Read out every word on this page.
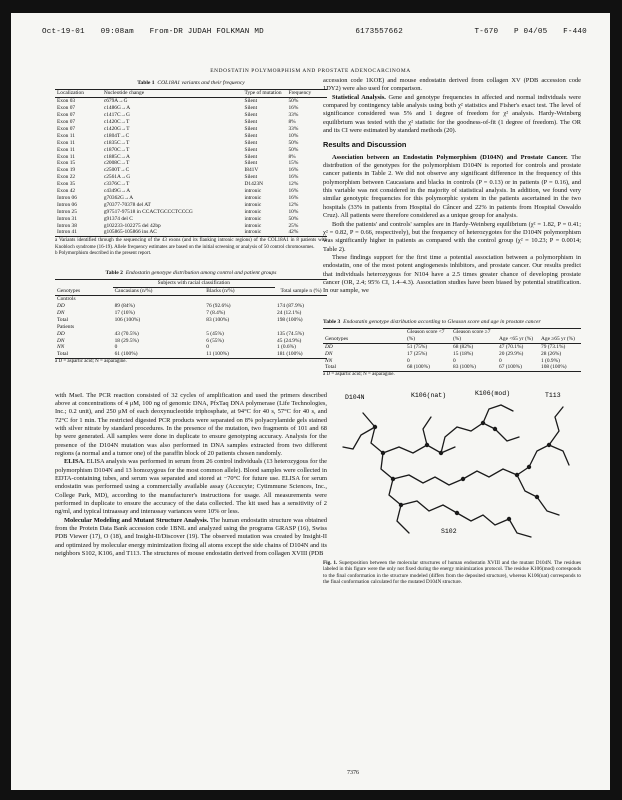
Oct-19-01 09:08am From-DR JUDAH FOLKMAN MD	6173557662	T-670 P 04/05 F-440
ENDOSTATIN POLYMORPHISM AND PROSTATE ADENOCARCINOMA
Table 1 COL18A1 variants and their frequency
Localization	Nucleotide change	Type of mutation	Frequency
Exon 03	c679A→G	Silent	50%
Exon 07	c1486G→A	Silent	16%
Exon 07	c1417C→G	Silent	33%
Exon 07	c1420C→T	Silent	8%
Exon 07	c1420G→T	Silent	33%
Exon 11	c1804T→C	Silent	10%
Exon 11	c1835C→T	Silent	50%
Exon 11	c1870C→T	Silent	50%
Exon 11	c1885C→A	Silent	8%
Exon 15	c2008C→T	Silent	15%
Exon 19	c2500T→C	I841V	16%
Exon 22	c2561A→G	Silent	16%
Exon 35	c3376C→T	D1423N	12%
Exon 42	c4349G→A	intronic	16%
Intron 06	g70362G→A	intronic	16%
Intron 06	g70377-70378 del AT	intronic	12%
Intron 25	g97517-97518 in CCACTGCCCTCCCG	intronic	10%
Intron 31	g91374 del C	intronic	50%
Intron 38	g102233-102275 del 42bp	intronic	25%
Intron 41	g105865-105866 ins AC	intronic	42%
a Variants identified through the sequencing of the 43 exons (and its flanking intronic regions) of the COL18A1 in 8 patients with Knobloch syndrome (16-19). Allele frequency estimates are based on the initial screening or analysis of 50 control chromosomes.
b Polymorphism described in the present report.
Table 2 Endostatin genotype distribution among control and patient groups
	Subjects with racial classification		
Genotypes	Caucasians (n/%)	Blacks (n/%)	Total sample n (%)
Controls			
DD	89 (84%)	76 (92.6%)	174 (87.9%)
DN	17 (16%)	7 (8.4%)	24 (12.1%)
Total	106 (100%)	83 (100%)	198 (100%)
Patients			
DD	43 (70.5%)	5 (45%)	135 (74.5%)
DN	18 (29.5%)	6 (55%)	45 (24.9%)
NN	0	0	1 (0.6%)
Total	61 (100%)	11 (100%)	181 (100%)
a D = aspartic acid; N = asparagine.

with MseI. The PCR reaction consisted of 32 cycles of amplification and used the primers described above at concentrations of 4 μM, 100 ng of genomic DNA, PfxTaq DNA polymerase (Life Technologies, Inc.; 0.2 unit), and 250 μM of each deoxynucleotide triphosphate, at 94°C for 40 s, 57°C for 40 s, and 72°C for 1 min. The restricted digested PCR products were separated on 8% polyacrylamide gels stained with silver nitrate by standard procedures. In the presence of the mutation, two fragments of 101 and 68 bp were generated. All samples were done in duplicate to ensure genotyping accuracy. Analysis for the presence of the D104N mutation was also performed in DNA samples extracted from two different regions (a normal and a tumor one) of the paraffin block of 20 patients chosen randomly.

ELISA. ELISA analysis was performed in serum from 26 control individuals (13 heterozygous for the polymorphism D104N and 13 homozygous for the most common allele). Blood samples were collected in EDTA-containing tubes, and serum was separated and stored at −70°C for future use. ELISA for serum endostatin was performed using a commercially available assay (Accucyte; Cytimmune Sciences, Inc., College Park, MD), according to the manufacturer's instructions for usage. All measurements were performed in duplicate to ensure the accuracy of the data collected. The kit used has a sensitivity of 2 ng/ml, and typical intraassay and interassay variances were 10% or less.

Molecular Modeling and Mutant Structure Analysis. The human endostatin structure was obtained from the Protein Data Bank accession code 1BNL and analyzed using the programs GRASP (16), Swiss PDB Viewer (17), O (18), and Insight-II/Discover (19). The observed mutation was created by Insight-II and optimized by molecular energy minimization fixing all atoms except the side chains of D104N and its neighbors S102, K106, and T113. The structures of mouse endostatin derived from collagen XVIII (PDB

accession code 1KOE) and mouse endostatin derived from collagen XV (PDB accession code 1DY2) were also used for comparison.

Statistical Analysis. Gene and genotype frequencies in affected and normal individuals were compared by contingency table analysis using both χ² statistics and Fisher's exact test. The level of significance considered was 5% and 1 degree of freedom for χ² analysis. Hardy-Weinberg equilibrium was tested with the χ² statistic for the goodness-of-fit (1 degree of freedom). The OR and its CI were estimated by standard methods (20).

Results and Discussion

Association between an Endostatin Polymorphism (D104N) and Prostate Cancer. The distribution of the genotypes for the polymorphism D104N is reported for controls and prostate cancer patients in Table 2. We did not observe any significant difference in the frequency of this polymorphism between Caucasians and blacks in controls (P = 0.13) or in patients (P = 0.16), and this variable was not considered in the majority of statistical analysis. In addition, we found very similar genotypic frequencies for this polymorphic system in the patients ascertained in the two hospitals (33% in patients from Hospital do Câncer and 22% in patients from Hospital Oswaldo Cruz). All patients were therefore considered as a unique group for analysis.

Both the patients' and controls' samples are in Hardy-Weinberg equilibrium (χ² = 1.82, P = 0.41; χ² = 0.82, P = 0.66, respectively), but the frequency of heterozygotes for the D104N polymorphism was significantly higher in patients as compared with the control group (χ² = 10.23; P = 0.0014; Table 2).

These findings support for the first time a potential association between a polymorphism in endostatin, one of the most potent angiogenesis inhibitors, and prostate cancer. Our results predict that individuals heterozygous for N104 have a 2.5 times greater chance of developing prostate cancer (OR, 2.4; 95% CI, 1.4–4.3). Association studies have been biased by potential stratification. In our sample, we

Table 3 Endostatin genotype distribution according to Gleason score and age in prostate cancer
Genotypes	Gleason score <7 (%)	Gleason score ≥7 (%)	Age <65 yr (%)	Age ≥65 yr (%)
DD	51 (75%)	68 (82%)	47 (70.1%)	79 (73.1%)
DN	17 (25%)	15 (18%)	20 (29.9%)	28 (26%)
NN	0	0	0	1 (0.9%)
Total	68 (100%)	83 (100%)	67 (100%)	108 (100%)
a D = aspartic acid; N = asparagine.
D104N	K106(nat)	K106(mod)	T113
S102
Fig. 1. Superposition between the molecular structures of human endostatin XVIII and the mutant D104N. The residues labeled in this figure were the only not fixed during the energy minimization protocol. The residue K106(mod) corresponds to the final conformation in the structure modeled (differs from the deposited structure), whereas K106(nat) corresponds to the final conformation calculated for the mutated D104N structure.
7376
